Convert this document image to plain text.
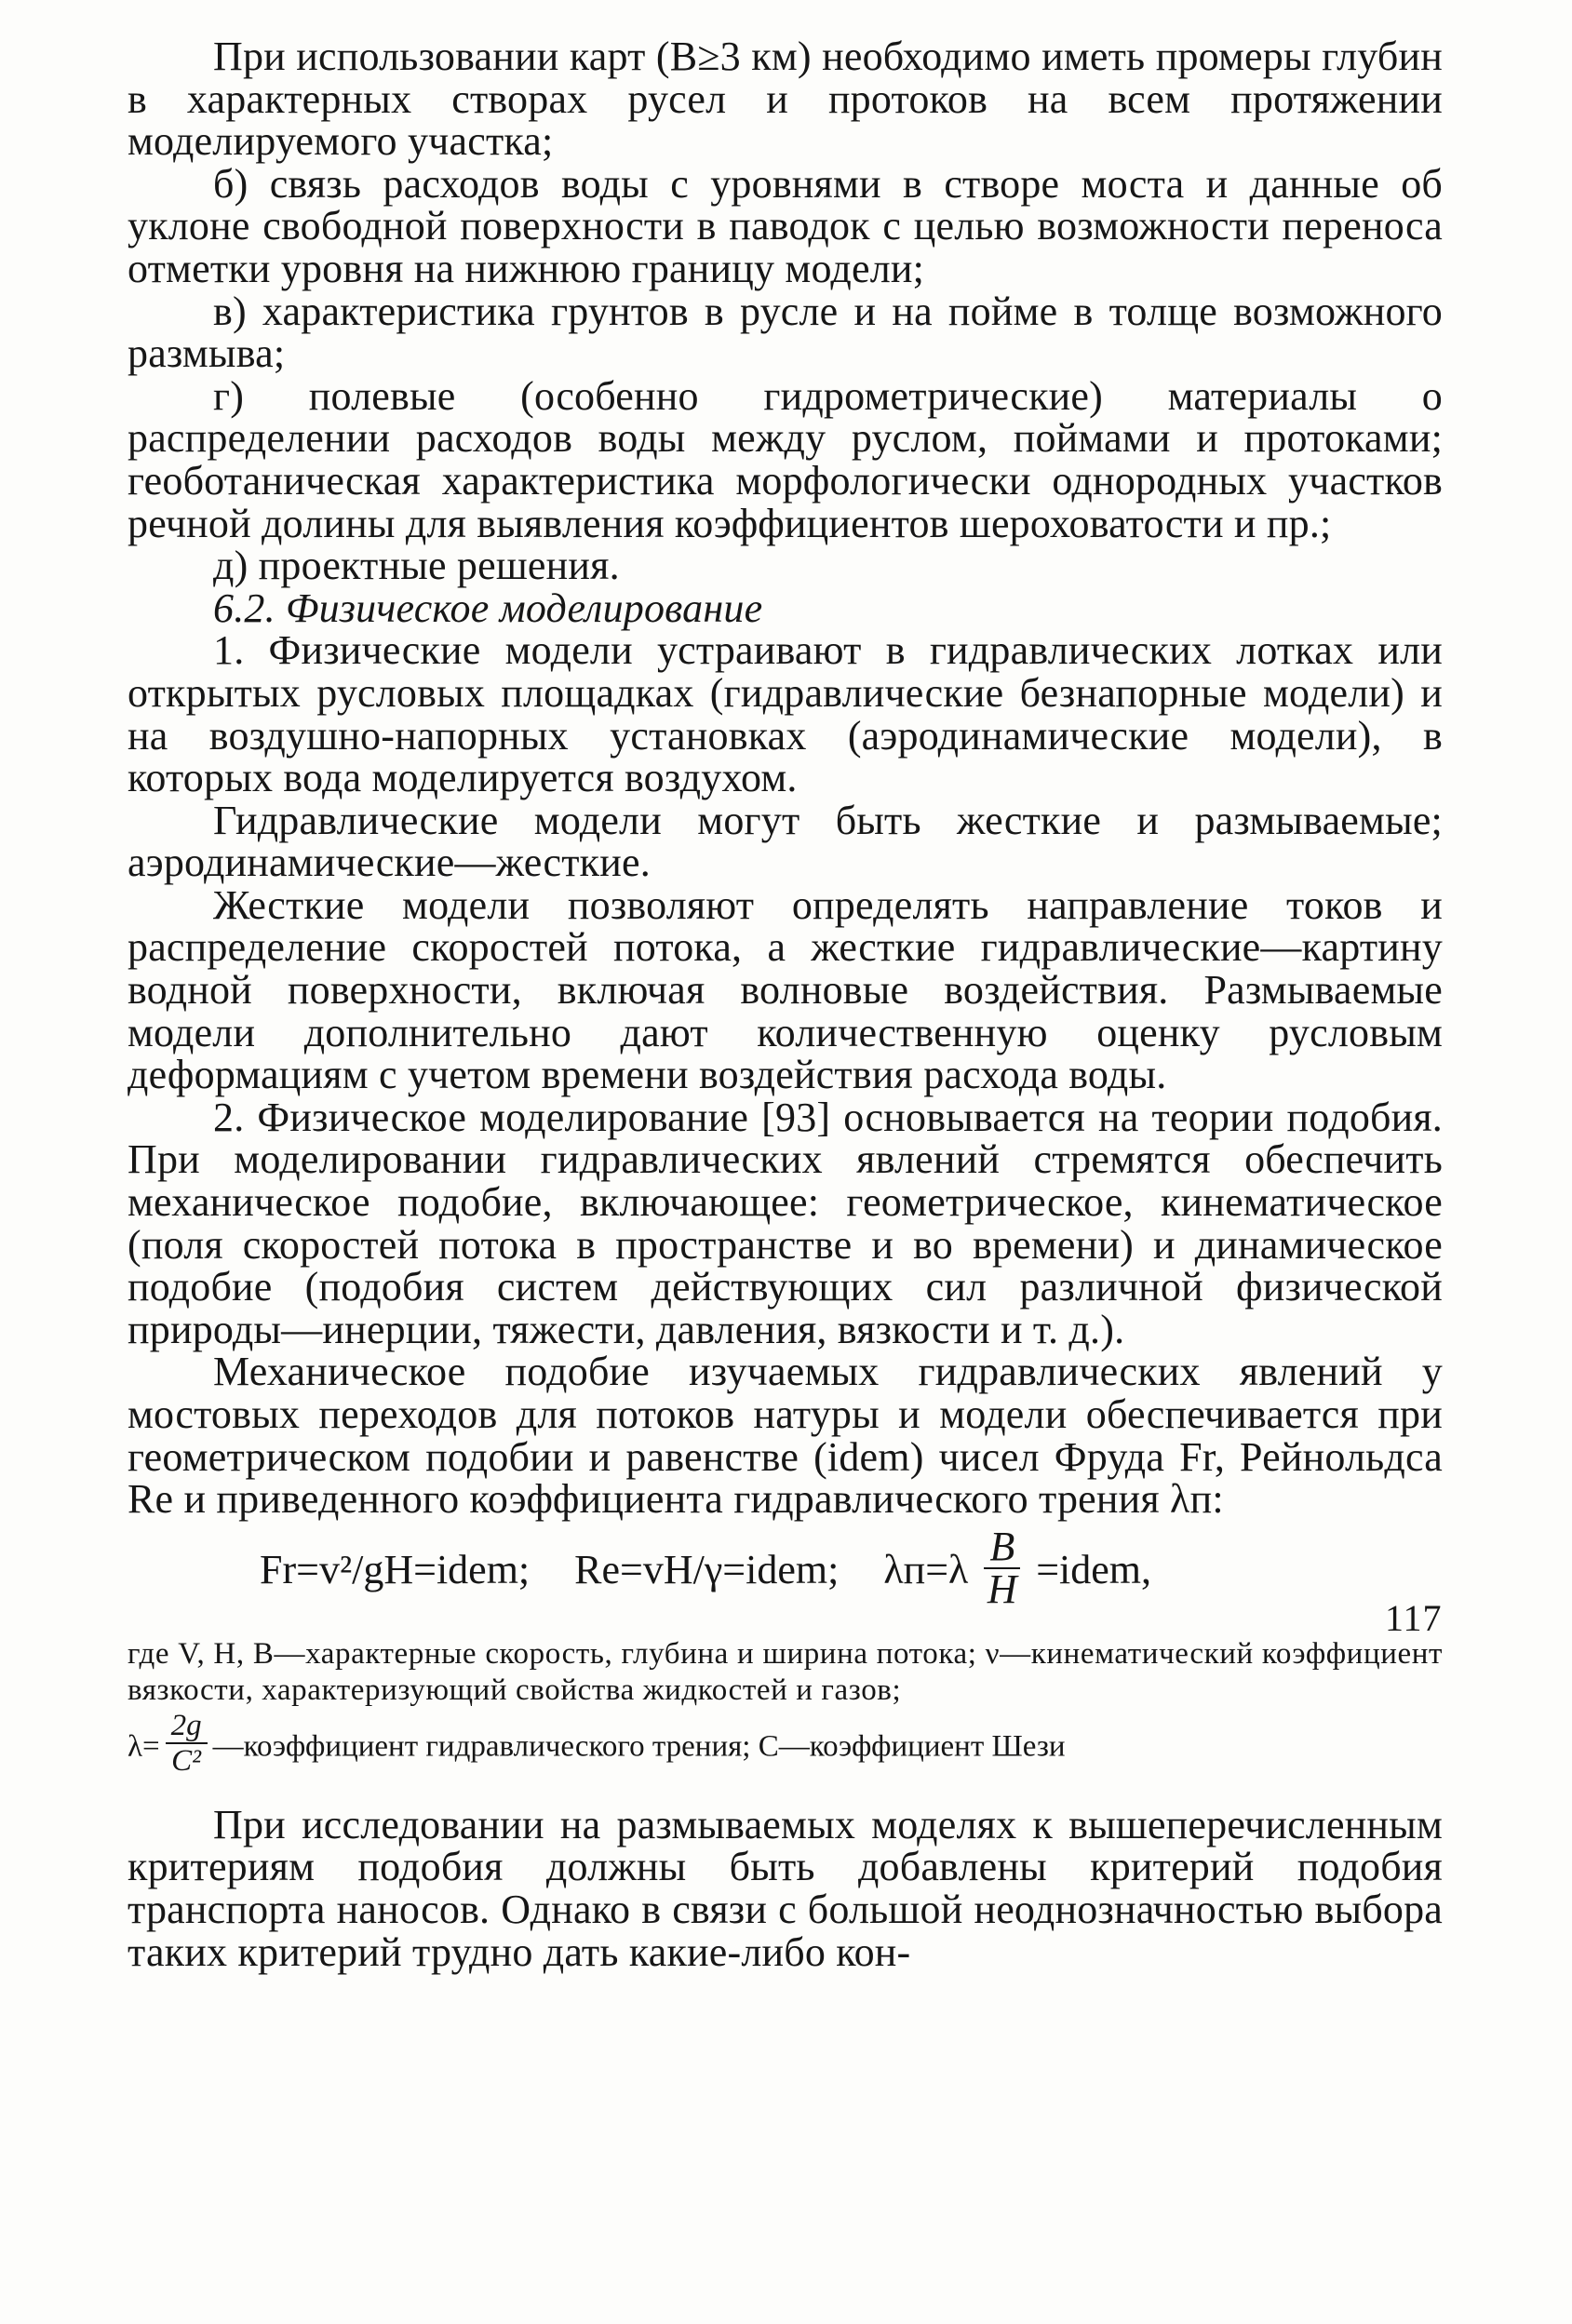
При использовании карт (B≥3 км) необходимо иметь промеры глубин в характерных створах русел и протоков на всем протяжении моделируемого участка;

б) связь расходов воды с уровнями в створе моста и данные об уклоне свободной поверхности в паводок с целью возможности переноса отметки уровня на нижнюю границу модели;

в) характеристика грунтов в русле и на пойме в толще возможного размыва;

г) полевые (особенно гидрометрические) материалы о распределении расходов воды между руслом, поймами и протоками; геоботаническая характеристика морфологически однородных участков речной долины для выявления коэффициентов шероховатости и пр.;

д) проектные решения.

6.2. Физическое моделирование

1. Физические модели устраивают в гидравлических лотках или открытых русловых площадках (гидравлические безнапорные модели) и на воздушно-напорных установках (аэродинамические модели), в которых вода моделируется воздухом.

Гидравлические модели могут быть жесткие и размываемые; аэродинамические—жесткие.

Жесткие модели позволяют определять направление токов и распределение скоростей потока, а жесткие гидравлические—картину водной поверхности, включая волновые воздействия. Размываемые модели дополнительно дают количественную оценку русловым деформациям с учетом времени воздействия расхода воды.

2. Физическое моделирование [93] основывается на теории подобия. При моделировании гидравлических явлений стремятся обеспечить механическое подобие, включающее: геометрическое, кинематическое (поля скоростей потока в пространстве и во времени) и динамическое подобие (подобия систем действующих сил различной физической природы—инерции, тяжести, давления, вязкости и т. д.).

Механическое подобие изучаемых гидравлических явлений у мостовых переходов для потоков натуры и модели обеспечивается при геометрическом подобии и равенстве (idem) чисел Фруда Fr, Рейнольдса Re и приведенного коэффициента гидравлического трения λп:

Fr=v²/gH=idem; Re=vH/γ=idem; $\lambda п=\lambda \frac{B}{H}$ =idem,

где V, H, B—характерные скорость, глубина и ширина потока; ν—кинематический коэффициент вязкости, характеризующий свойства жидкостей и газов;

$\lambda= \frac{2g}{\text{C²}}$ —коэффициент гидравлического трения; C—коэффициент Шези

При исследовании на размываемых моделях к вышеперечисленным критериям подобия должны быть добавлены критерий подобия транспорта наносов. Однако в связи с большой неоднозначностью выбора таких критерий трудно дать какие-либо кон-

117
